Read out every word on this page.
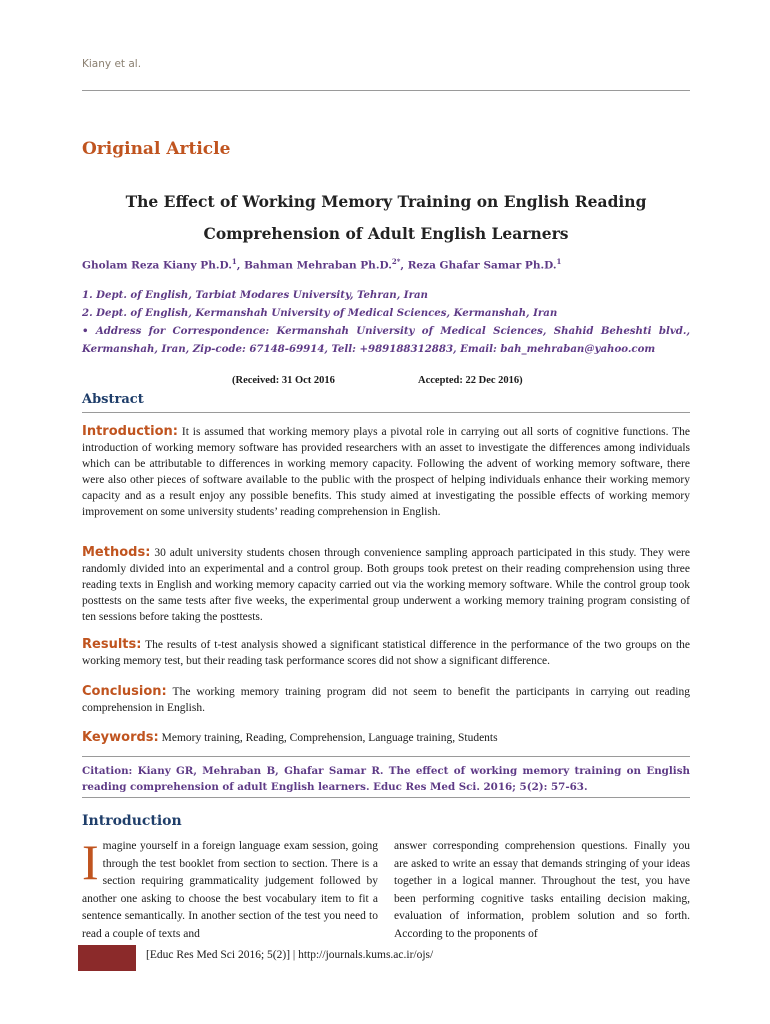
Kiany et al.
Original Article
The Effect of Working Memory Training on English Reading
Comprehension of Adult English Learners
Gholam Reza Kiany Ph.D.$^1$, Bahman Mehraban Ph.D.$^{2*}$, Reza Ghafar Samar Ph.D.$^1$
1. Dept. of English, Tarbiat Modares University, Tehran, Iran
2. Dept. of English, Kermanshah University of Medical Sciences, Kermanshah, Iran
• Address for Correspondence: Kermanshah University of Medical Sciences, Shahid Beheshti blvd., Kermanshah, Iran, Zip-code: 67148-69914, Tell: +989188312883, Email: bah_mehraban@yahoo.com
(Received: 31 Oct 2016	Accepted: 22 Dec 2016)
Abstract
Introduction: It is assumed that working memory plays a pivotal role in carrying out all sorts of cognitive functions. The introduction of working memory software has provided researchers with an asset to investigate the differences among individuals which can be attributable to differences in working memory capacity. Following the advent of working memory software, there were also other pieces of software available to the public with the prospect of helping individuals enhance their working memory capacity and as a result enjoy any possible benefits. This study aimed at investigating the possible effects of working memory improvement on some university students’ reading comprehension in English.
Methods: 30 adult university students chosen through convenience sampling approach participated in this study. They were randomly divided into an experimental and a control group. Both groups took pretest on their reading comprehension using three reading texts in English and working memory capacity carried out via the working memory software. While the control group took posttests on the same tests after five weeks, the experimental group underwent a working memory training program consisting of ten sessions before taking the posttests.
Results: The results of t-test analysis showed a significant statistical difference in the performance of the two groups on the working memory test, but their reading task performance scores did not show a significant difference.
Conclusion: The working memory training program did not seem to benefit the participants in carrying out reading comprehension in English.
Keywords: Memory training, Reading, Comprehension, Language training, Students
Citation: Kiany GR, Mehraban B, Ghafar Samar R. The effect of working memory training on English reading comprehension of adult English learners. Educ Res Med Sci. 2016; 5(2): 57-63.
Introduction
Imagine yourself in a foreign language exam session, going through the test booklet from section to section. There is a section requiring grammaticality judgement followed by another one asking to choose the best vocabulary item to fit a sentence semantically. In another section of the test you need to read a couple of texts and
answer corresponding comprehension questions. Finally you are asked to write an essay that demands stringing of your ideas together in a logical manner. Throughout the test, you have been performing cognitive tasks entailing decision making, evaluation of information, problem solution and so forth. According to the proponents of
[Educ Res Med Sci 2016; 5(2)] | http://journals.kums.ac.ir/ojs/
